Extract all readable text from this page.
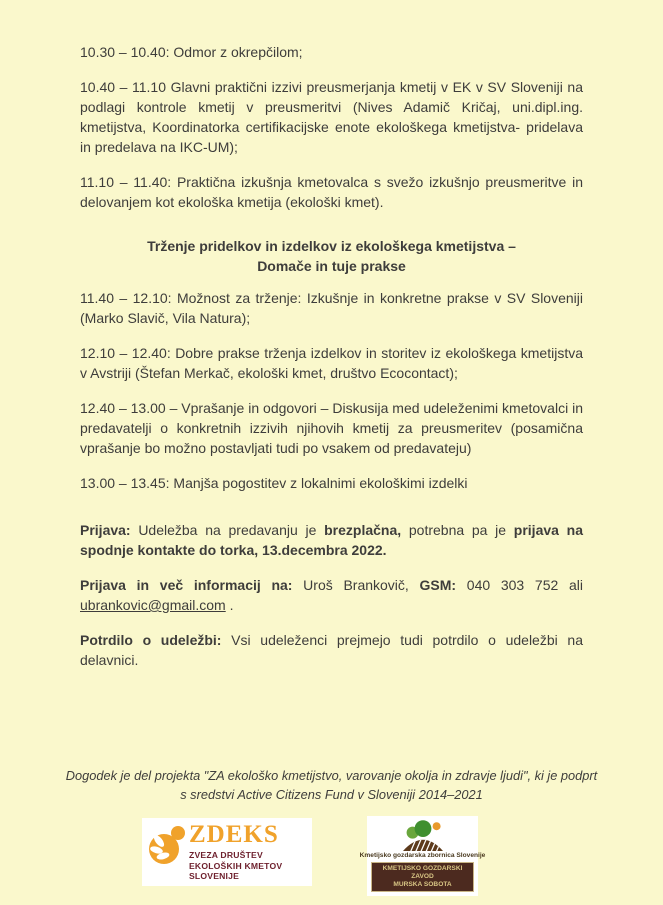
10.30 – 10.40: Odmor z okrepčilom;

10.40 – 11.10 Glavni praktični izzivi preusmerjanja kmetij v EK v SV Sloveniji na podlagi kontrole kmetij v preusmeritvi (Nives Adamič Kričaj, uni.dipl.ing. kmetijstva, Koordinatorka certifikacijske enote ekološkega kmetijstva- pridelava in predelava na IKC-UM);

11.10 – 11.40: Praktična izkušnja kmetovalca s svežo izkušnjo preusmeritve in delovanjem kot ekološka kmetija (ekološki kmet).

Trženje pridelkov in izdelkov iz ekološkega kmetijstva –
Domače in tuje prakse

11.40 – 12.10: Možnost za trženje: Izkušnje in konkretne prakse v SV Sloveniji (Marko Slavič, Vila Natura);

12.10 – 12.40: Dobre prakse trženja izdelkov in storitev iz ekološkega kmetijstva v Avstriji (Štefan Merkač, ekološki kmet, društvo Ecocontact);

12.40 – 13.00 – Vprašanje in odgovori – Diskusija med udeleženimi kmetovalci in predavatelji o konkretnih izzivih njihovih kmetij za preusmeritev (posamična vprašanje bo možno postavljati tudi po vsakem od predavateju)

13.00 – 13.45: Manjša pogostitev z lokalnimi ekološkimi izdelki

Prijava: Udeležba na predavanju je brezplačna, potrebna pa je prijava na spodnje kontakte do torka, 13.decembra 2022.

Prijava in več informacij na: Uroš Brankovič, GSM: 040 303 752 ali ubrankovic@gmail.com .

Potrdilo o udeležbi: Vsi udeleženci prejmejo tudi potrdilo o udeležbi na delavnici.

Dogodek je del projekta "ZA ekološko kmetijstvo, varovanje okolja in zdravje ljudi", ki je podprt
s sredstvi Active Citizens Fund v Sloveniji 2014–2021
ZDEKS
ZVEZA DRUŠTEV
EKOLOŠKIH KMETOV
SLOVENIJE
Kmetijsko gozdarska zbornica Slovenije
KMETIJSKO GOZDARSKI ZAVOD
MURSKA SOBOTA
